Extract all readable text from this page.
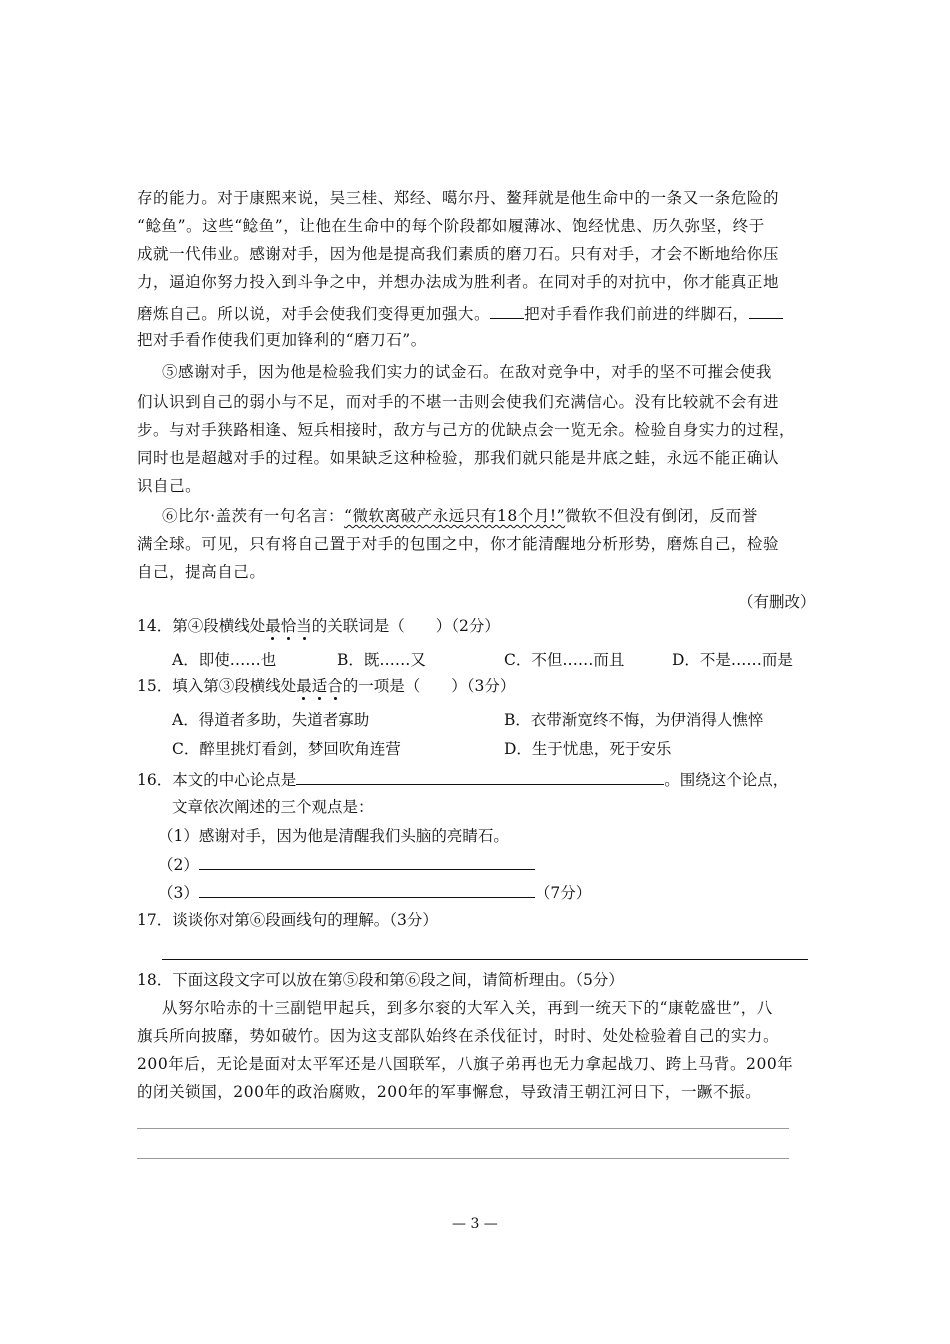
存的能力。对于康熙来说，吴三桂、郑经、噶尔丹、鳌拜就是他生命中的一条又一条危险的
“鲶鱼”。这些“鲶鱼”，让他在生命中的每个阶段都如履薄冰、饱经忧患、历久弥坚，终于
成就一代伟业。感谢对手，因为他是提高我们素质的磨刀石。只有对手，才会不断地给你压
力，逼迫你努力投入到斗争之中，并想办法成为胜利者。在同对手的对抗中，你才能真正地
磨炼自己。所以说，对手会使我们变得更加强大。 把对手看作我们前进的绊脚石，
把对手看作使我们更加锋利的“磨刀石”。
⑤感谢对手，因为他是检验我们实力的试金石。在敌对竞争中，对手的坚不可摧会使我
们认识到自己的弱小与不足，而对手的不堪一击则会使我们充满信心。没有比较就不会有进
步。与对手狭路相逢、短兵相接时，敌方与己方的优缺点会一览无余。检验自身实力的过程，
同时也是超越对手的过程。如果缺乏这种检验，那我们就只能是井底之蛙，永远不能正确认
识自己。
⑥比尔·盖茨有一句名言：“微软离破产永远只有18个月!”微软不但没有倒闭，反而誉
满全球。可见，只有将自己置于对手的包围之中，你才能清醒地分析形势，磨炼自己，检验
自己，提高自己。
（有删改）
14．第④段横线处最恰当的关联词是（　　）（2分）
A．即使……也	B．既……又	C．不但……而且	D．不是……而是
15．填入第③段横线处最适合的一项是（　　）（3分）
A．得道者多助，失道者寡助	B．衣带渐宽终不悔，为伊消得人憔悴
C．醉里挑灯看剑，梦回吹角连营	D．生于忧患，死于安乐
16．本文的中心论点是	。围绕这个论点，
文章依次阐述的三个观点是：
（1）感谢对手，因为他是清醒我们头脑的亮睛石。
（2）
（3）	（7分）
17．谈谈你对第⑥段画线句的理解。（3分）
18．下面这段文字可以放在第⑤段和第⑥段之间，请简析理由。（5分）
从努尔哈赤的十三副铠甲起兵，到多尔衮的大军入关，再到一统天下的“康乾盛世”，八
旗兵所向披靡，势如破竹。因为这支部队始终在杀伐征讨，时时、处处检验着自己的实力。
200年后，无论是面对太平军还是八国联军，八旗子弟再也无力拿起战刀、跨上马背。200年
的闭关锁国，200年的政治腐败，200年的军事懈怠，导致清王朝江河日下，一蹶不振。
— 3 —
